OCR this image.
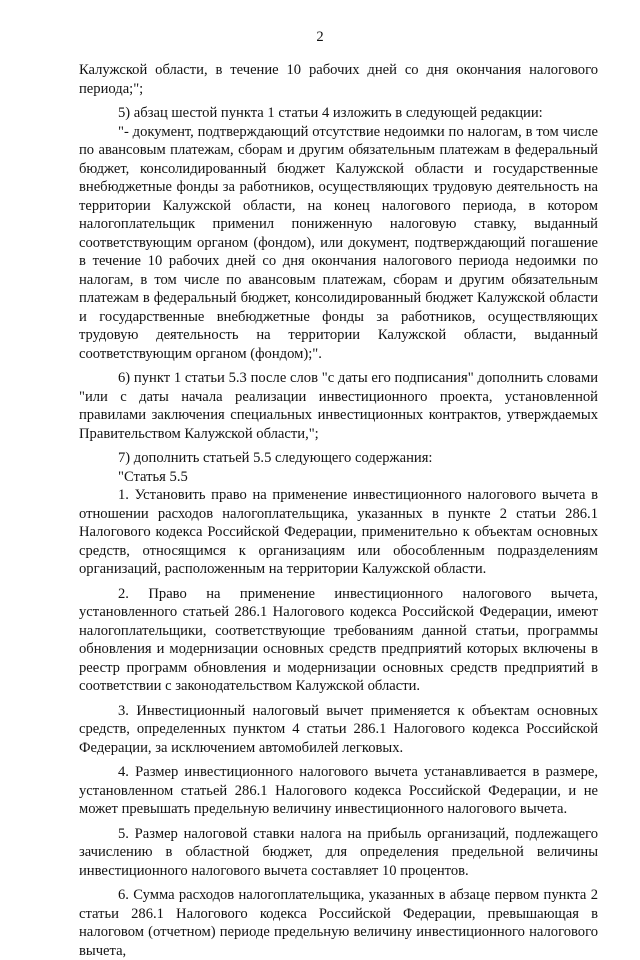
2

Калужской области, в течение 10 рабочих дней со дня окончания налогового периода;";

5) абзац шестой пункта 1 статьи 4 изложить в следующей редакции:

"- документ, подтверждающий отсутствие недоимки по налогам, в том числе по авансовым платежам, сборам и другим обязательным платежам в федеральный бюджет, консолидированный бюджет Калужской области и государственные внебюджетные фонды за работников, осуществляющих трудовую деятельность на территории Калужской области, на конец налогового периода, в котором налогоплательщик применил пониженную налоговую ставку, выданный соответствующим органом (фондом), или документ, подтверждающий погашение в течение 10 рабочих дней со дня окончания налогового периода недоимки по налогам, в том числе по авансовым платежам, сборам и другим обязательным платежам в федеральный бюджет, консолидированный бюджет Калужской области и государственные внебюджетные фонды за работников, осуществляющих трудовую деятельность на территории Калужской области, выданный соответствующим органом (фондом);".

6) пункт 1 статьи 5.3 после слов "с даты его подписания" дополнить словами "или с даты начала реализации инвестиционного проекта, установленной правилами заключения специальных инвестиционных контрактов, утверждаемых Правительством Калужской области,";

7) дополнить статьей 5.5 следующего содержания:

"Статья 5.5

1. Установить право на применение инвестиционного налогового вычета в отношении расходов налогоплательщика, указанных в пункте 2 статьи 286.1 Налогового кодекса Российской Федерации, применительно к объектам основных средств, относящимся к организациям или обособленным подразделениям организаций, расположенным на территории Калужской области.

2. Право на применение инвестиционного налогового вычета, установленного статьей 286.1 Налогового кодекса Российской Федерации, имеют налогоплательщики, соответствующие требованиям данной статьи, программы обновления и модернизации основных средств предприятий которых включены в реестр программ обновления и модернизации основных средств предприятий в соответствии с законодательством Калужской области.

3. Инвестиционный налоговый вычет применяется к объектам основных средств, определенных пунктом 4 статьи 286.1 Налогового кодекса Российской Федерации, за исключением автомобилей легковых.

4. Размер инвестиционного налогового вычета устанавливается в размере, установленном статьей 286.1 Налогового кодекса Российской Федерации, и не может превышать предельную величину инвестиционного налогового вычета.

5. Размер налоговой ставки налога на прибыль организаций, подлежащего зачислению в областной бюджет, для определения предельной величины инвестиционного налогового вычета составляет 10 процентов.

6. Сумма расходов налогоплательщика, указанных в абзаце первом пункта 2 статьи 286.1 Налогового кодекса Российской Федерации, превышающая в налоговом (отчетном) периоде предельную величину инвестиционного налогового вычета,
